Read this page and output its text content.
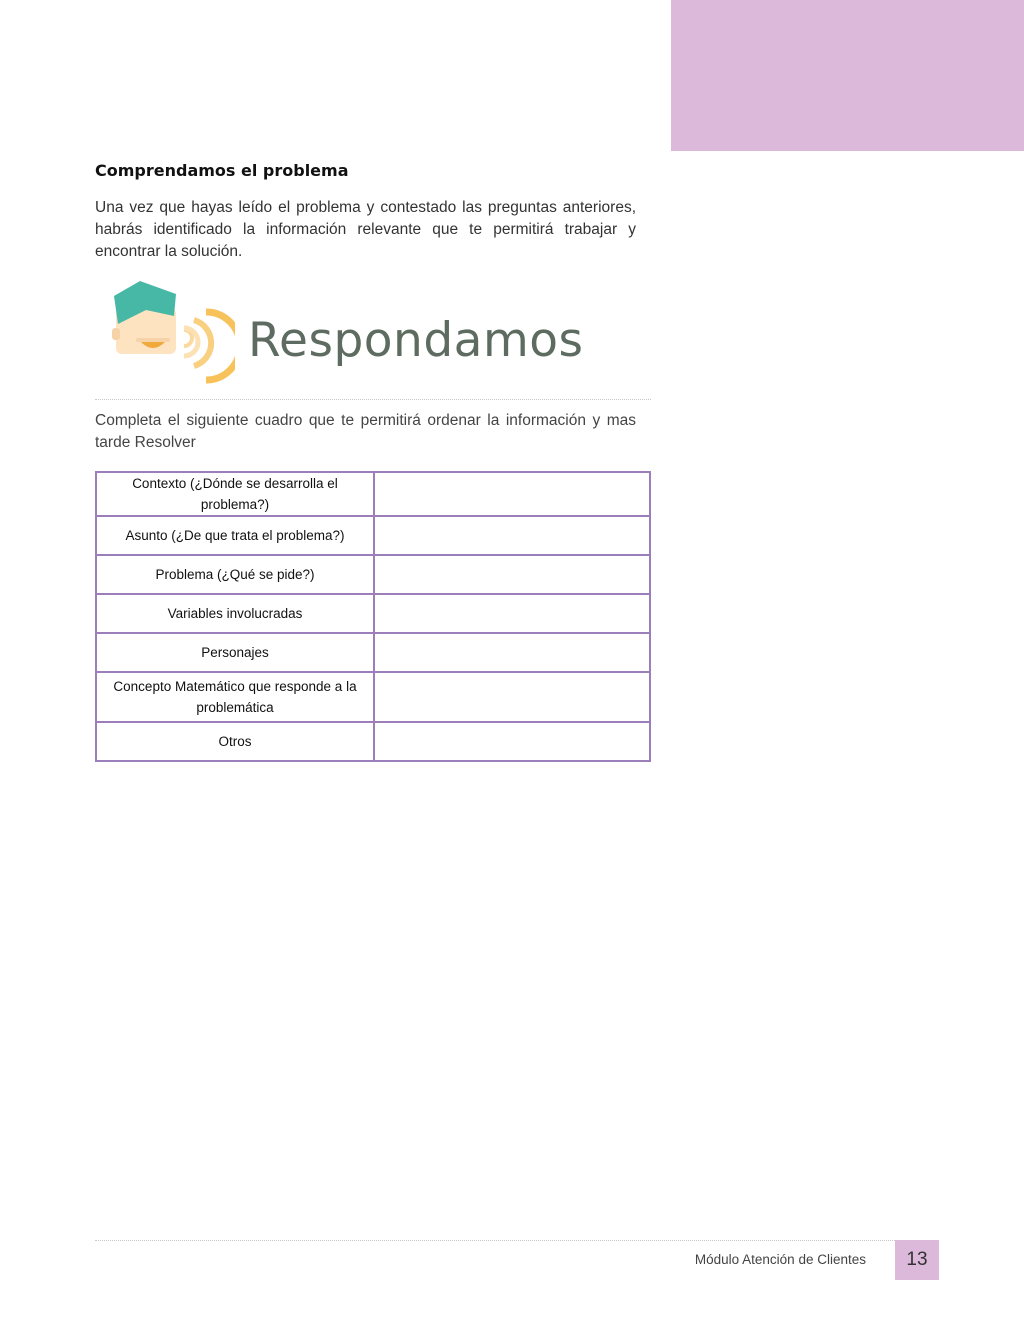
Comprendamos el problema

Una vez que hayas leído el problema y contestado las preguntas anteriores, habrás identificado la información relevante que te permitirá trabajar y encontrar la solución.

Respondamos

Completa el siguiente cuadro que te permitirá ordenar la información y mas tarde Resolver

Contexto (¿Dónde se desarrolla el problema?)	
Asunto (¿De que trata el problema?)	
Problema (¿Qué se pide?)	
Variables involucradas	
Personajes	
Concepto Matemático que responde a la problemática	
Otros	
Módulo Atención de Clientes	13
